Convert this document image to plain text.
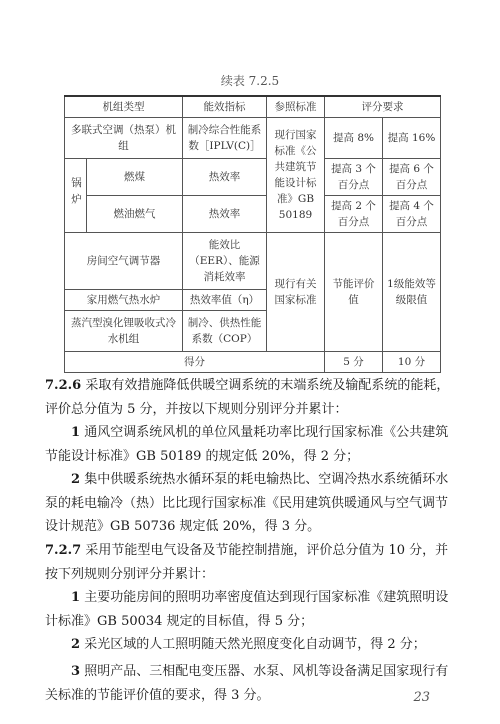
续表 7.2.5
机组类型		能效指标	参照标准	评分要求	
多联式空调（热泵）机组		制冷综合性能系数［IPLV(C)］	现行国家标准《公共建筑节能设计标准》GB 50189	提高 8%	提高 16%
锅炉	燃煤	热效率		提高 3 个百分点	提高 6 个百分点
	燃油燃气	热效率		提高 2 个百分点	提高 4 个百分点
房间空气调节器		能效比（EER）、能源消耗效率	现行有关国家标准	节能评价值	1级能效等级限值
家用燃气热水炉		热效率值（η）			
蒸汽型溴化锂吸收式冷水机组		制冷、供热性能系数（COP）			
得分				5 分	10 分

7.2.6 采取有效措施降低供暖空调系统的末端系统及输配系统的能耗，评价总分值为 5 分，并按以下规则分别评分并累计：

1 通风空调系统风机的单位风量耗功率比现行国家标准《公共建筑节能设计标准》GB 50189 的规定低 20%，得 2 分；

2 集中供暖系统热水循环泵的耗电输热比、空调冷热水系统循环水泵的耗电输冷（热）比比现行国家标准《民用建筑供暖通风与空气调节设计规范》GB 50736 规定低 20%，得 3 分。

7.2.7 采用节能型电气设备及节能控制措施，评价总分值为 10 分，并按下列规则分别评分并累计：

1 主要功能房间的照明功率密度值达到现行国家标准《建筑照明设计标准》GB 50034 规定的目标值，得 5 分；

2 采光区域的人工照明随天然光照度变化自动调节，得 2 分；

3 照明产品、三相配电变压器、水泵、风机等设备满足国家现行有关标准的节能评价值的要求，得 3 分。	23
